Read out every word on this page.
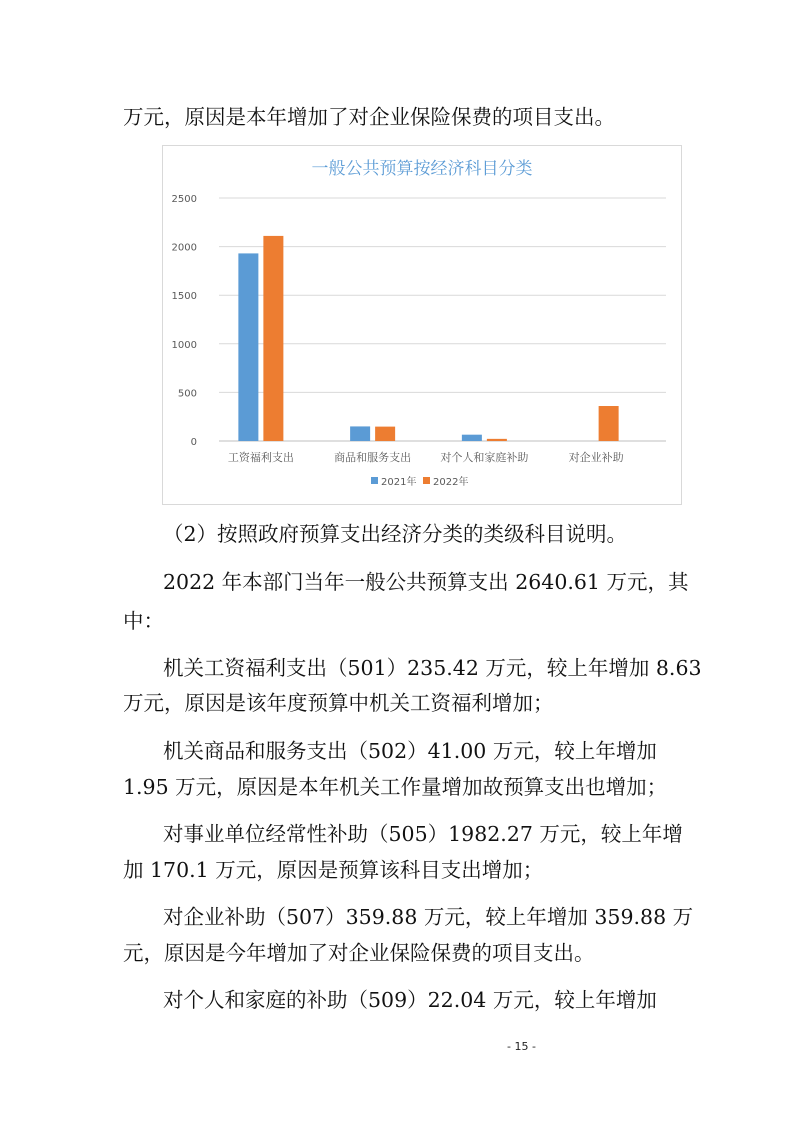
万元，原因是本年增加了对企业保险保费的项目支出。
一般公共预算按经济科目分类
0
500
1000
1500
2000
2500
工资福利支出	商品和服务支出	对个人和家庭补助	对企业补助
2021年 2022年
（2）按照政府预算支出经济分类的类级科目说明。
2022 年本部门当年一般公共预算支出 2640.61 万元，其
中：
机关工资福利支出（501）235.42 万元，较上年增加 8.63
万元，原因是该年度预算中机关工资福利增加；
机关商品和服务支出（502）41.00 万元，较上年增加
1.95 万元，原因是本年机关工作量增加故预算支出也增加；
对事业单位经常性补助（505）1982.27 万元，较上年增
加 170.1 万元，原因是预算该科目支出增加；
对企业补助（507）359.88 万元，较上年增加 359.88 万
元，原因是今年增加了对企业保险保费的项目支出。
对个人和家庭的补助（509）22.04 万元，较上年增加
- 15 -
